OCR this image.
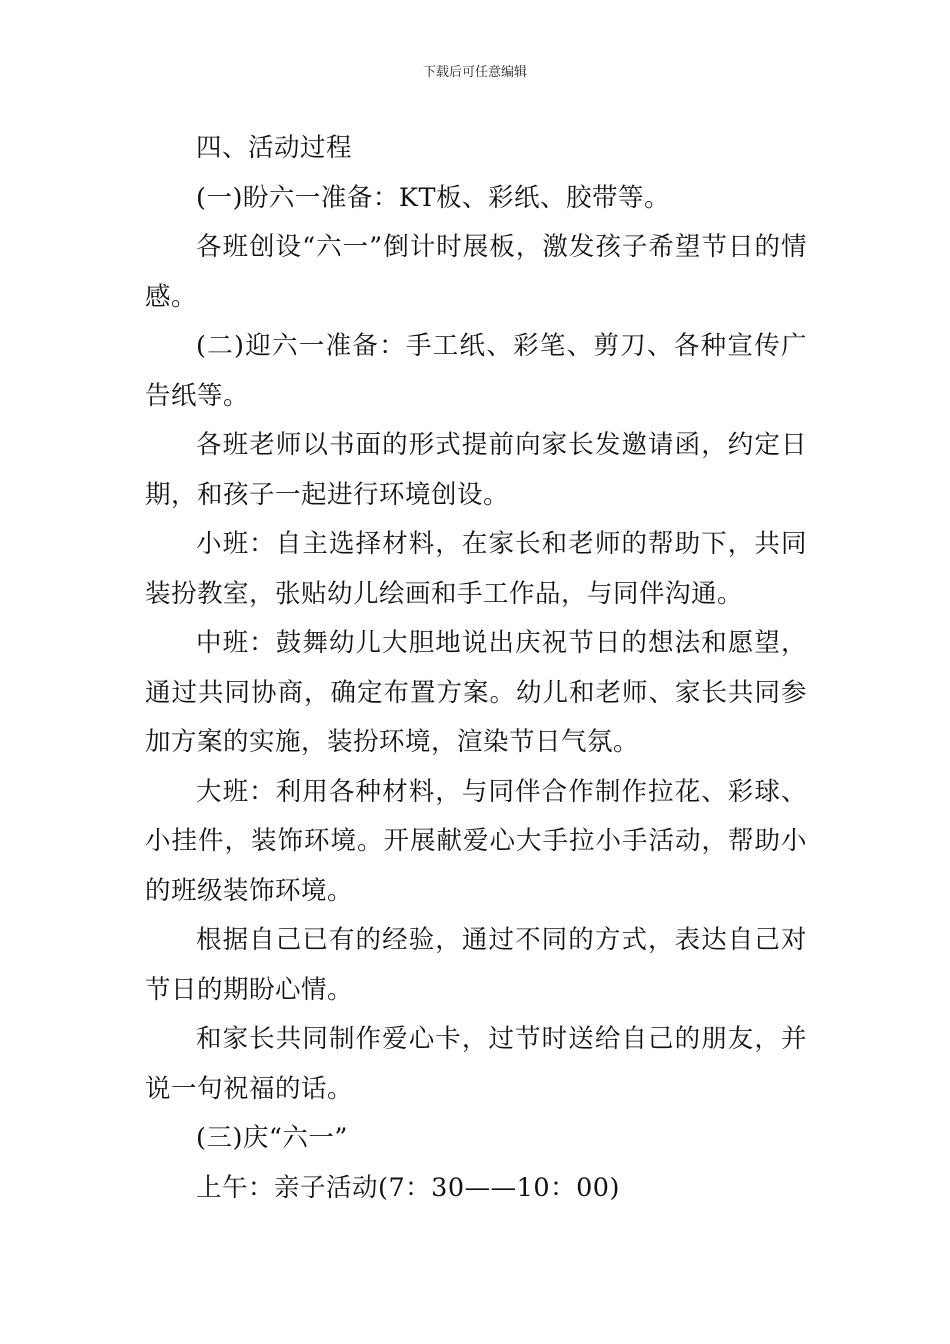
下载后可任意编辑

四、活动过程

(一)盼六一准备：KT板、彩纸、胶带等。

各班创设“六一”倒计时展板，激发孩子希望节日的情感。

(二)迎六一准备：手工纸、彩笔、剪刀、各种宣传广告纸等。

各班老师以书面的形式提前向家长发邀请函，约定日期，和孩子一起进行环境创设。

小班：自主选择材料，在家长和老师的帮助下，共同装扮教室，张贴幼儿绘画和手工作品，与同伴沟通。

中班：鼓舞幼儿大胆地说出庆祝节日的想法和愿望，通过共同协商，确定布置方案。幼儿和老师、家长共同参加方案的实施，装扮环境，渲染节日气氛。

大班：利用各种材料，与同伴合作制作拉花、彩球、小挂件，装饰环境。开展献爱心大手拉小手活动，帮助小的班级装饰环境。

根据自己已有的经验，通过不同的方式，表达自己对节日的期盼心情。

和家长共同制作爱心卡，过节时送给自己的朋友，并说一句祝福的话。

(三)庆“六一”

上午：亲子活动(7：30——10：00)
